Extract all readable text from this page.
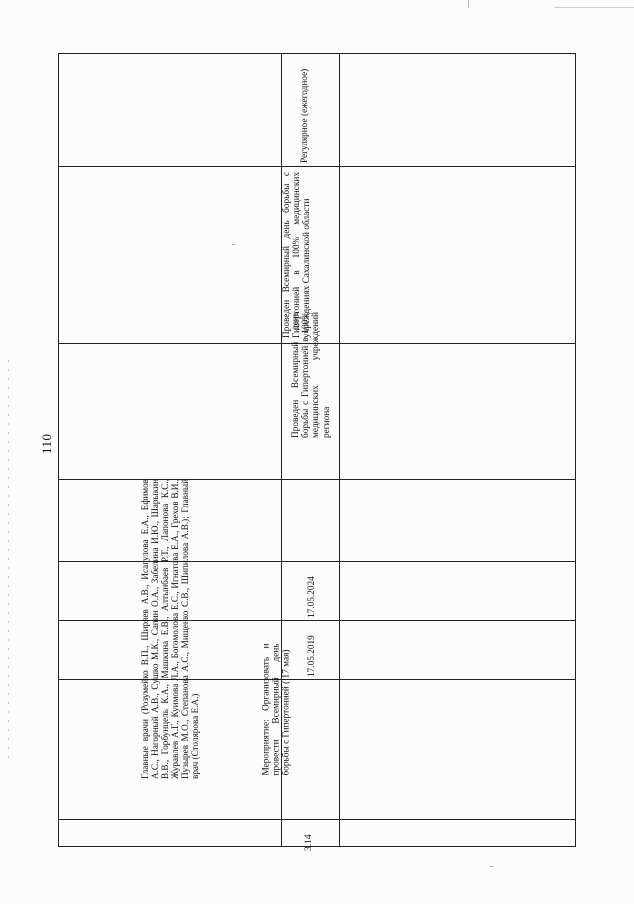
110
3.14
Мероприятие: Организовать и провести Всемирный день борьбы с Гипертонией ( 17 мая) 17.05.2019
17.05.2024
Главные врачи (Розумейко В.П., Ширяев А.В., Исагулова Е.А., Ефимов А.С., Нагорный А.В., Сушко М.К., Сапин О.А., Забелина И.Ю., Шарыкин В.В., Горбунцель К.А., Машкина Е.В., Алтынбаев Р.Т., Лапонова К.С., Журавлев А.Г., Куимова Л.А., Богомолова Е.С., Игнатова Е.А., Грехов В.И., Пузырев М.О., Степанова А.С., Мищенко С.В., Шипилова А.В.); Главный врач (Столярова Е.А.)
Проведен Всемирный день борьбы с Гипертонией в 100% медицинских учреждений региона
Проведен Всемирный день борьбы с Гипертонией в 100% медицинских учреждениях Сахалинской области
Регулярное (ежегодное)
